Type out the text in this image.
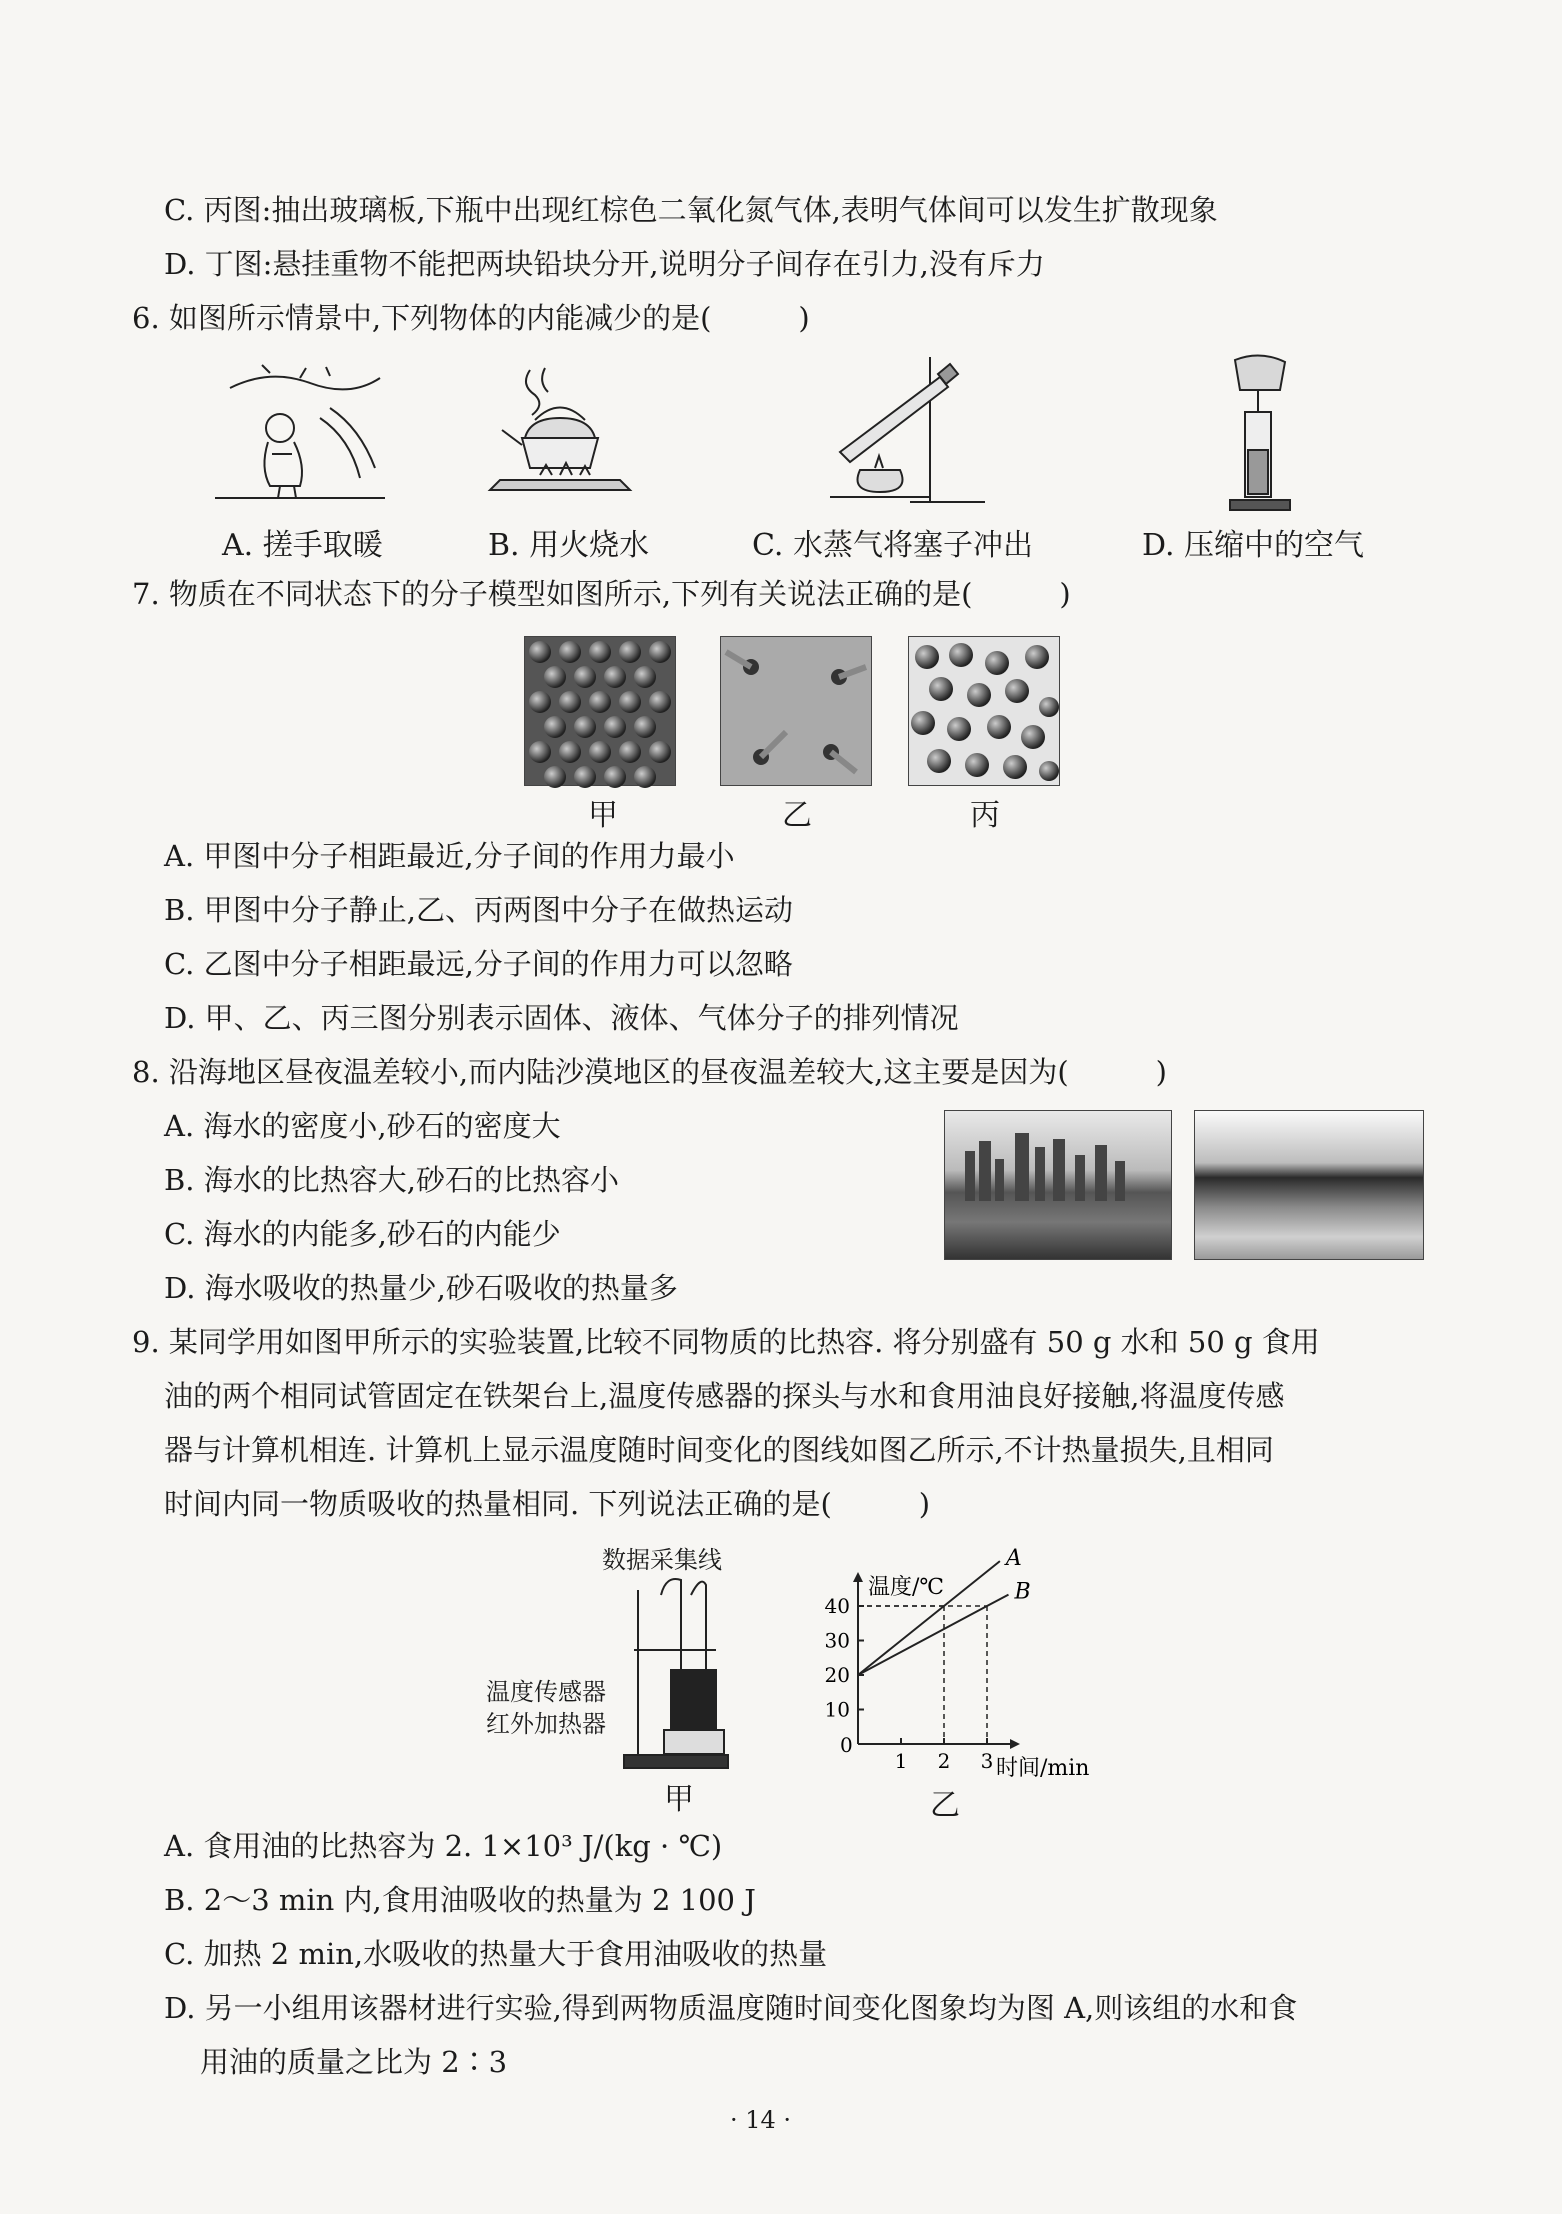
C. 丙图:抽出玻璃板,下瓶中出现红棕色二氧化氮气体,表明气体间可以发生扩散现象
D. 丁图:悬挂重物不能把两块铅块分开,说明分子间存在引力,没有斥力
6. 如图所示情景中,下列物体的内能减少的是(　　　)
A. 搓手取暖	B. 用火烧水	C. 水蒸气将塞子冲出	D. 压缩中的空气
7. 物质在不同状态下的分子模型如图所示,下列有关说法正确的是(　　　)
甲	乙	丙
A. 甲图中分子相距最近,分子间的作用力最小
B. 甲图中分子静止,乙、丙两图中分子在做热运动
C. 乙图中分子相距最远,分子间的作用力可以忽略
D. 甲、乙、丙三图分别表示固体、液体、气体分子的排列情况
8. 沿海地区昼夜温差较小,而内陆沙漠地区的昼夜温差较大,这主要是因为(　　　)
A. 海水的密度小,砂石的密度大
B. 海水的比热容大,砂石的比热容小
C. 海水的内能多,砂石的内能少
D. 海水吸收的热量少,砂石吸收的热量多
9. 某同学用如图甲所示的实验装置,比较不同物质的比热容. 将分别盛有 50 g 水和 50 g 食用
油的两个相同试管固定在铁架台上,温度传感器的探头与水和食用油良好接触,将温度传感
器与计算机相连. 计算机上显示温度随时间变化的图线如图乙所示,不计热量损失,且相同
时间内同一物质吸收的热量相同. 下列说法正确的是(　　　)
数据采集线
温度传感器
红外加热器
甲
温度/℃
时间/min
0
10
20
30
40
1 2 3
A
B
乙
A. 食用油的比热容为 2. 1×10³ J/(kg · ℃)
B. 2～3 min 内,食用油吸收的热量为 2 100 J
C. 加热 2 min,水吸收的热量大于食用油吸收的热量
D. 另一小组用该器材进行实验,得到两物质温度随时间变化图象均为图 A,则该组的水和食
用油的质量之比为 2∶3
· 14 ·
